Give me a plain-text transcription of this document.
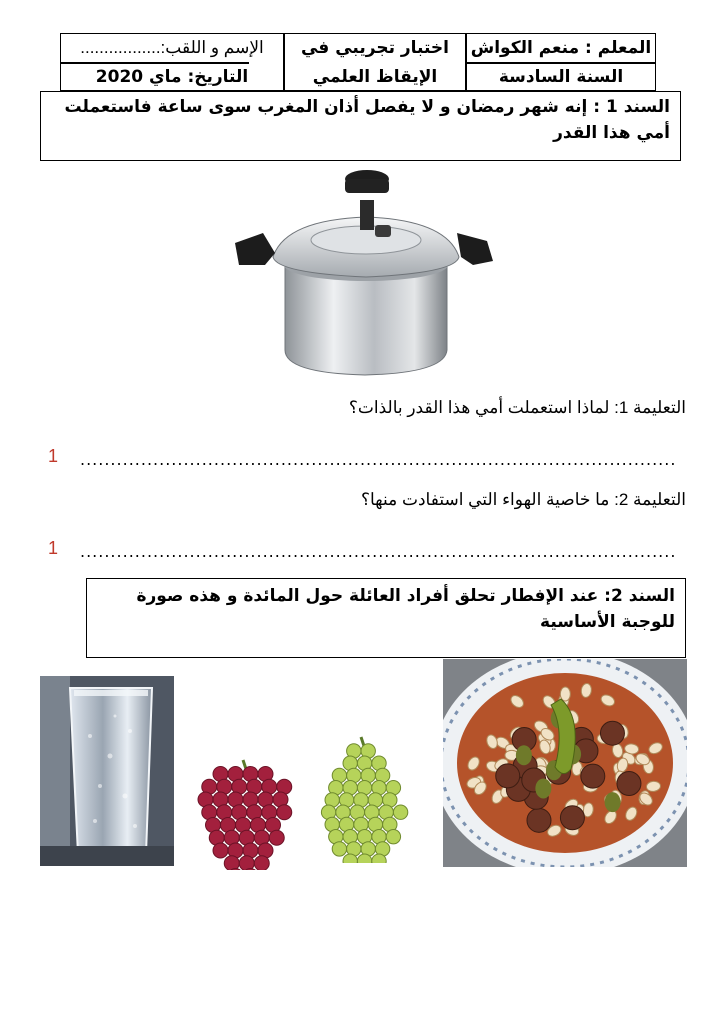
المعلم : منعم الكواش
السنة السادسة
اختبار تجريبي في
الإيقاظ العلمي
الإسم و اللقب:.................
التاريخ: ماي 2020
السند 1 : إنه شهر رمضان و لا يفصل أذان المغرب سوى ساعة فاستعملت أمي هذا القدر
التعليمة 1: لماذا استعملت أمي هذا القدر بالذات؟
..................................................................................................
1
التعليمة 2: ما خاصية الهواء التي استفادت منها؟
..................................................................................................
1
السند 2: عند الإفطار تحلق أفراد العائلة حول المائدة و هذه صورة للوجبة الأساسية
